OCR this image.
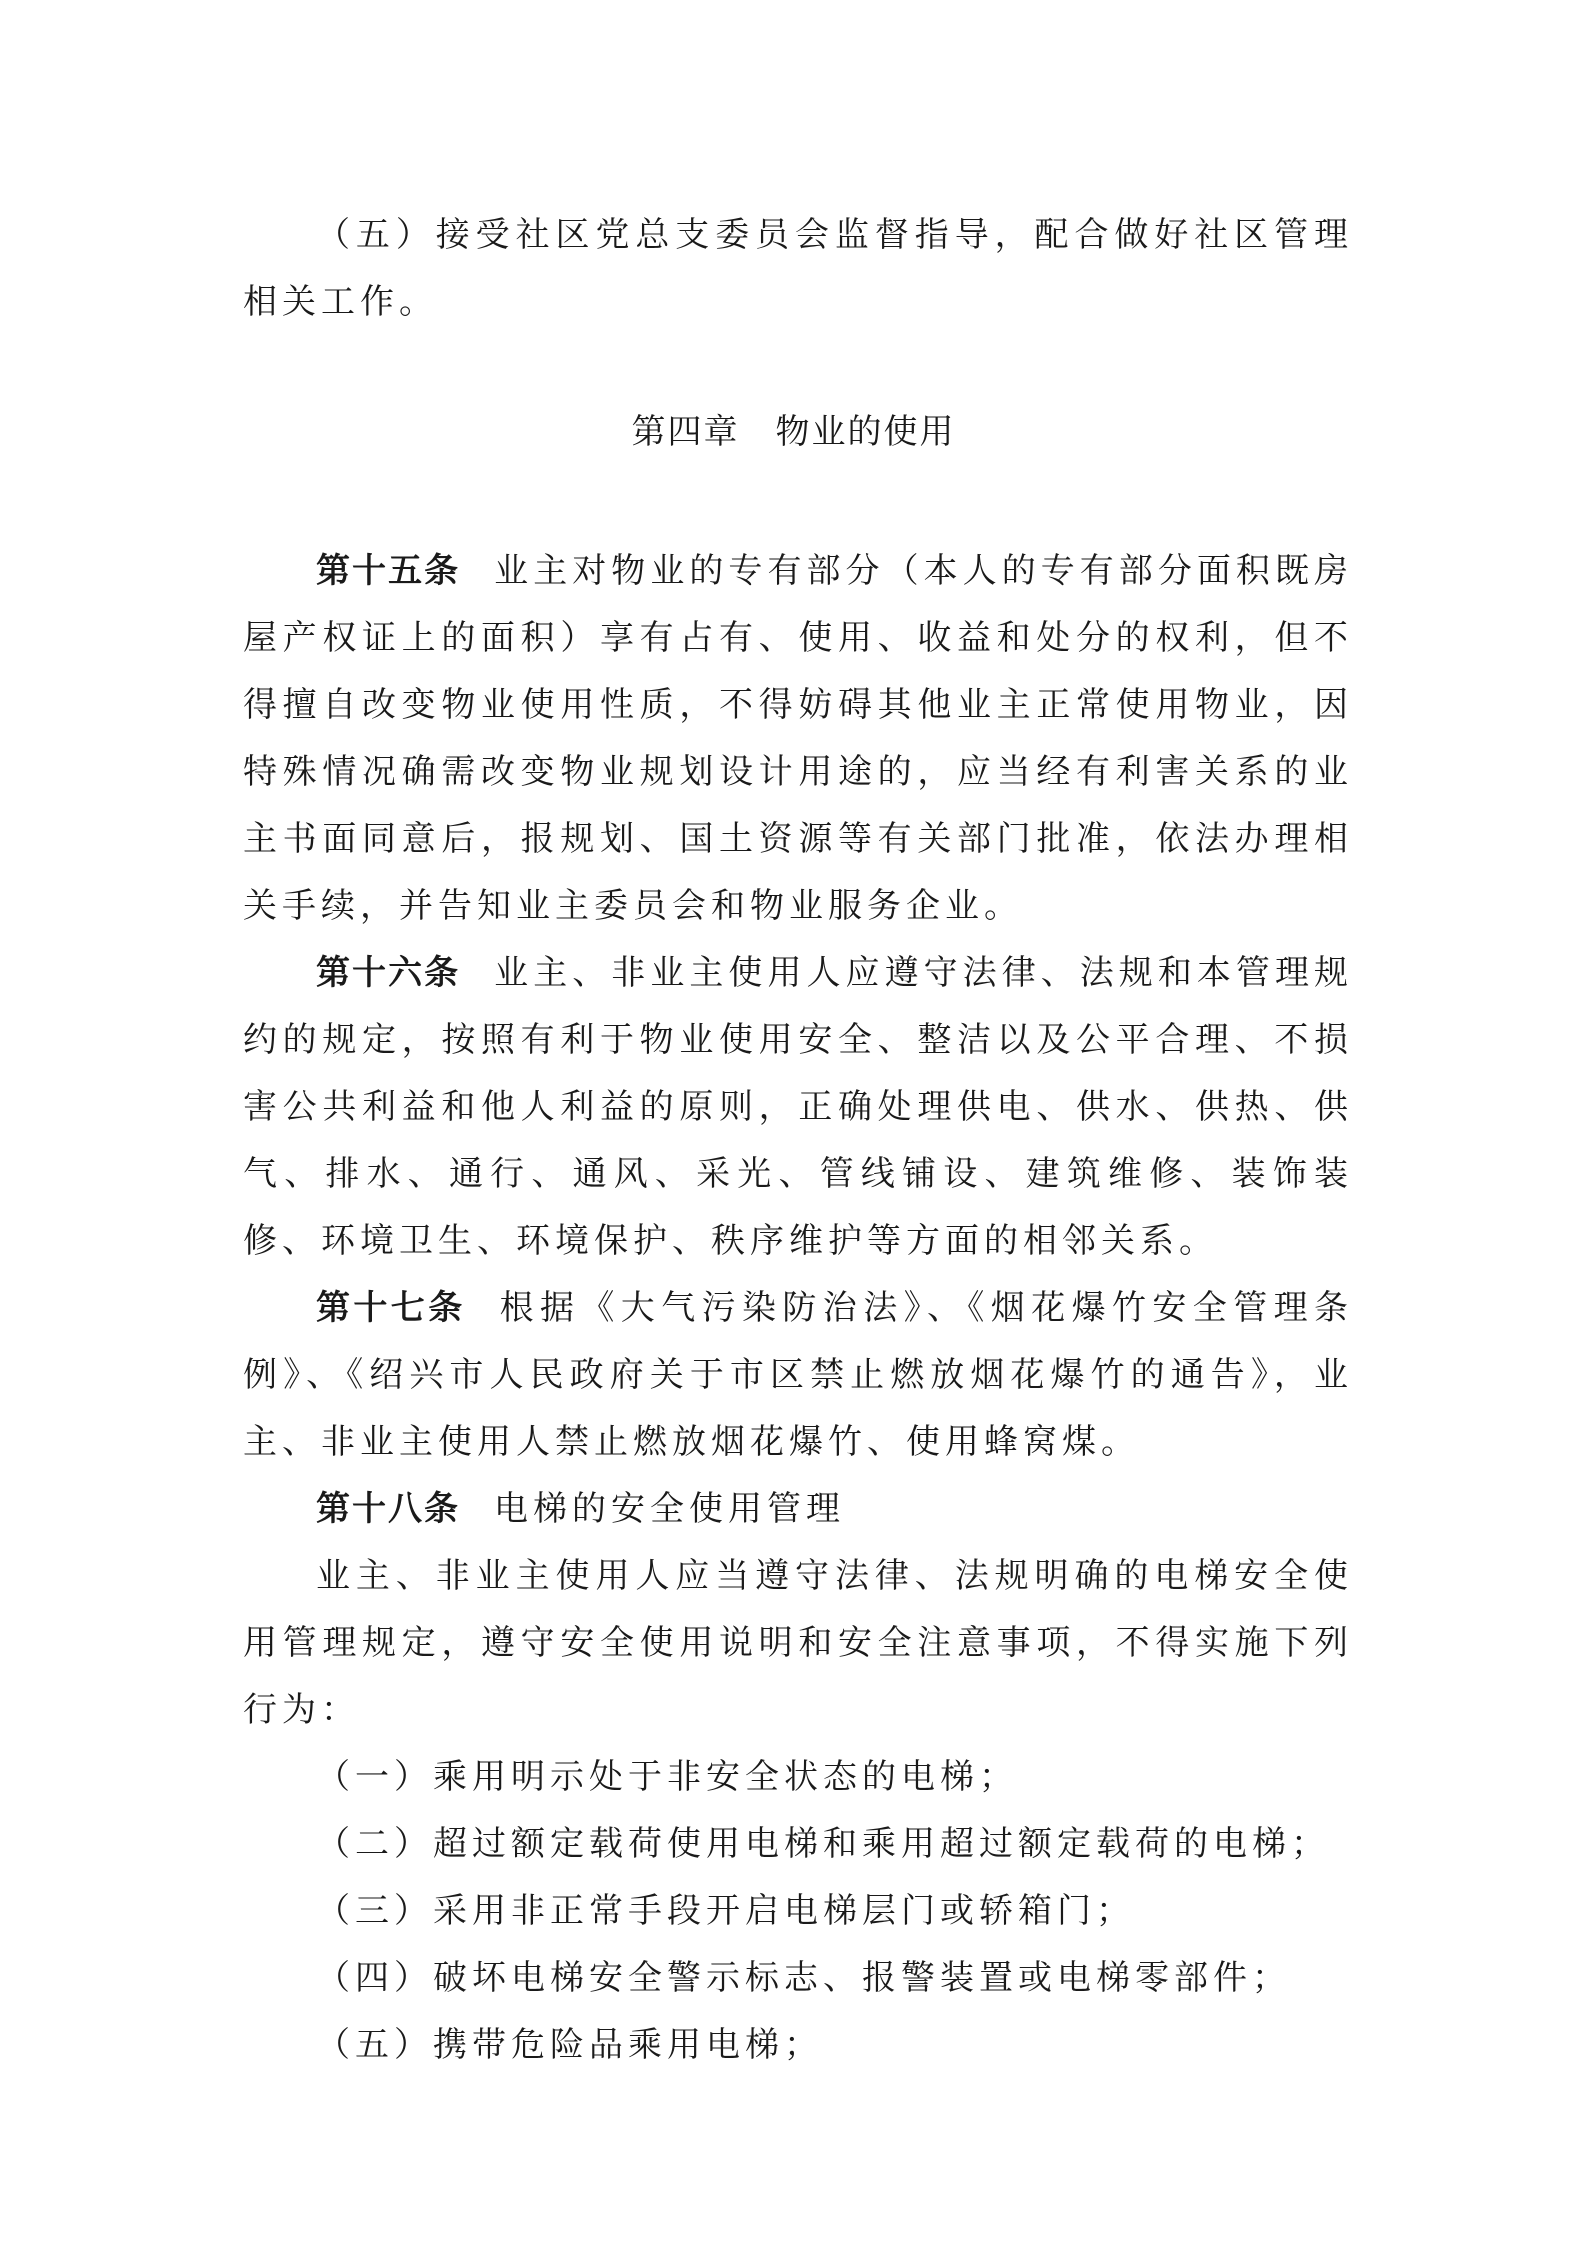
（五）接受社区党总支委员会监督指导，配合做好社区管理相关工作。

第四章　物业的使用

第十五条 业主对物业的专有部分（本人的专有部分面积既房屋产权证上的面积）享有占有、使用、收益和处分的权利，但不得擅自改变物业使用性质，不得妨碍其他业主正常使用物业，因特殊情况确需改变物业规划设计用途的，应当经有利害关系的业主书面同意后，报规划、国土资源等有关部门批准，依法办理相关手续，并告知业主委员会和物业服务企业。

第十六条 业主、非业主使用人应遵守法律、法规和本管理规约的规定，按照有利于物业使用安全、整洁以及公平合理、不损害公共利益和他人利益的原则，正确处理供电、供水、供热、供气、排水、通行、通风、采光、管线铺设、建筑维修、装饰装修、环境卫生、环境保护、秩序维护等方面的相邻关系。

第十七条 根据《大气污染防治法》、《烟花爆竹安全管理条例》、《绍兴市人民政府关于市区禁止燃放烟花爆竹的通告》，业主、非业主使用人禁止燃放烟花爆竹、使用蜂窝煤。

第十八条 电梯的安全使用管理

业主、非业主使用人应当遵守法律、法规明确的电梯安全使用管理规定，遵守安全使用说明和安全注意事项，不得实施下列行为：

（一）乘用明示处于非安全状态的电梯；

（二）超过额定载荷使用电梯和乘用超过额定载荷的电梯；

（三）采用非正常手段开启电梯层门或轿箱门；

（四）破坏电梯安全警示标志、报警装置或电梯零部件；

（五）携带危险品乘用电梯；
